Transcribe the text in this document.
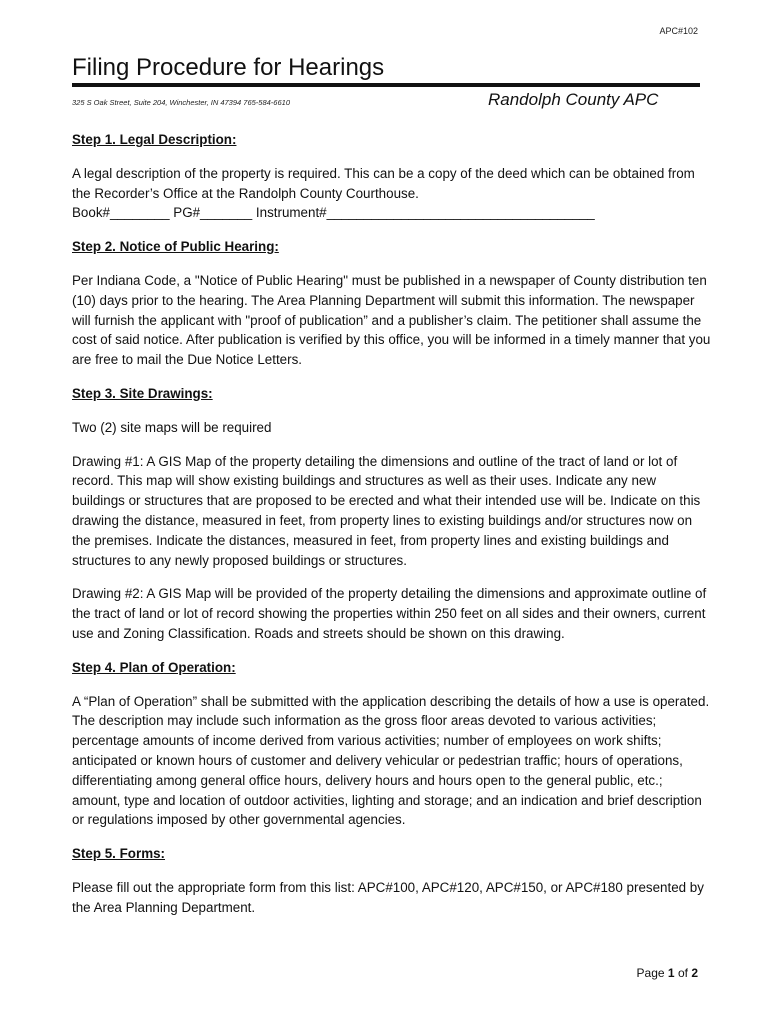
APC#102
Filing Procedure for Hearings
325 S Oak Street, Suite 204, Winchester, IN 47394 765-584-6610	Randolph County APC

Step 1. Legal Description:

A legal description of the property is required. This can be a copy of the deed which can be obtained from the Recorder’s Office at the Randolph County Courthouse.

Book#________ PG#_______ Instrument#____________________________________

Step 2. Notice of Public Hearing:

Per Indiana Code, a "Notice of Public Hearing" must be published in a newspaper of County distribution ten (10) days prior to the hearing. The Area Planning Department will submit this information. The newspaper will furnish the applicant with "proof of publication” and a publisher’s claim. The petitioner shall assume the cost of said notice. After publication is verified by this office, you will be informed in a timely manner that you are free to mail the Due Notice Letters.

Step 3. Site Drawings:

Two (2) site maps will be required

Drawing #1: A GIS Map of the property detailing the dimensions and outline of the tract of land or lot of record. This map will show existing buildings and structures as well as their uses. Indicate any new buildings or structures that are proposed to be erected and what their intended use will be. Indicate on this drawing the distance, measured in feet, from property lines to existing buildings and/or structures now on the premises. Indicate the distances, measured in feet, from property lines and existing buildings and structures to any newly proposed buildings or structures.

Drawing #2: A GIS Map will be provided of the property detailing the dimensions and approximate outline of the tract of land or lot of record showing the properties within 250 feet on all sides and their owners, current use and Zoning Classification. Roads and streets should be shown on this drawing.

Step 4. Plan of Operation:

A “Plan of Operation” shall be submitted with the application describing the details of how a use is operated. The description may include such information as the gross floor areas devoted to various activities; percentage amounts of income derived from various activities; number of employees on work shifts; anticipated or known hours of customer and delivery vehicular or pedestrian traffic; hours of operations, differentiating among general office hours, delivery hours and hours open to the general public, etc.; amount, type and location of outdoor activities, lighting and storage; and an indication and brief description or regulations imposed by other governmental agencies.

Step 5. Forms:

Please fill out the appropriate form from this list: APC#100, APC#120, APC#150, or APC#180 presented by the Area Planning Department.

Page 1 of 2
